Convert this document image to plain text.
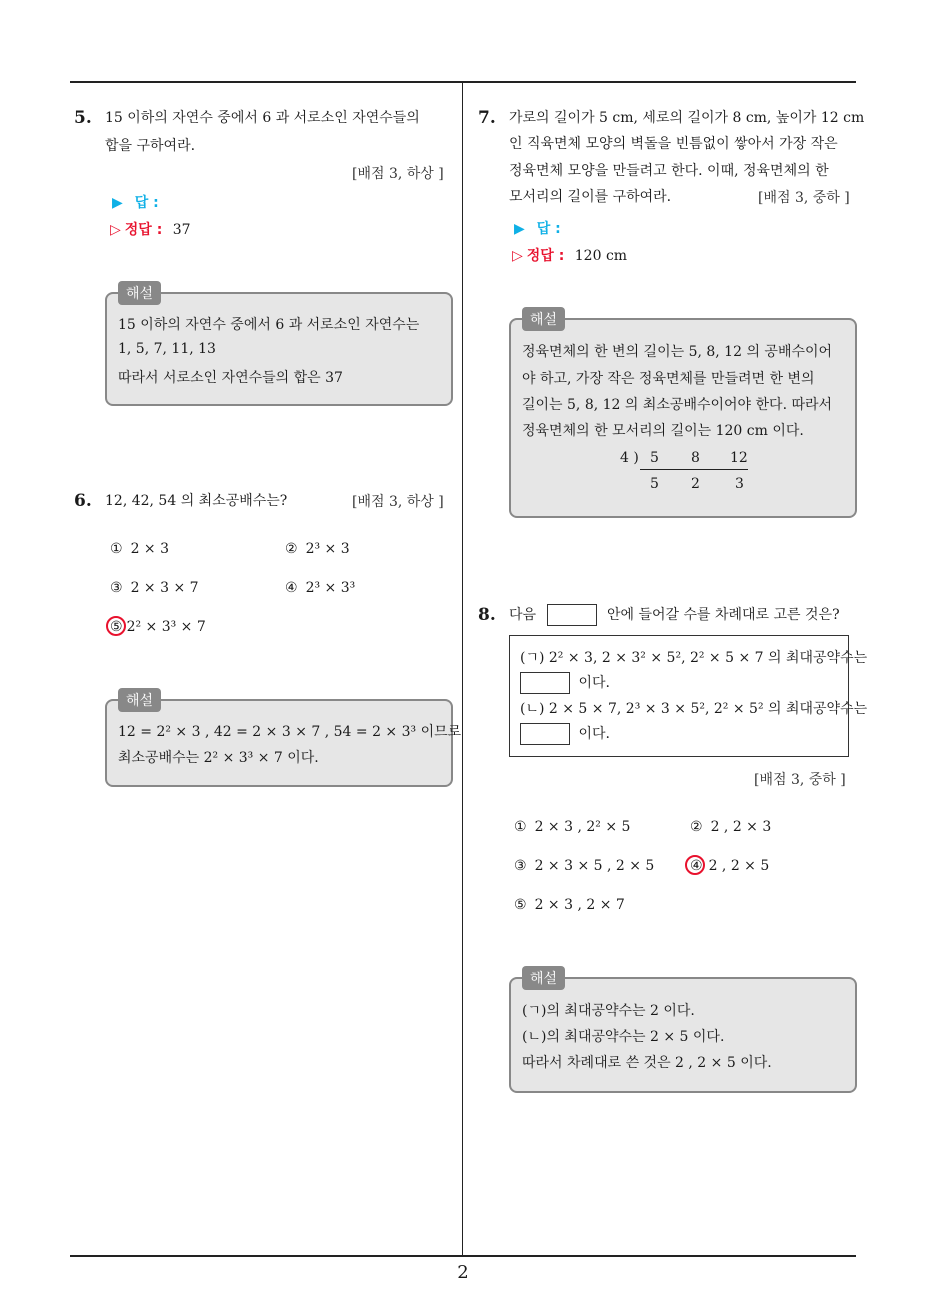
2
5. 15 이하의 자연수 중에서 6 과 서로소인 자연수들의
합을 구하여라.
[배점 3, 하상 ]
▶ 답 :
▷ 정답 : 37
해설
15 이하의 자연수 중에서 6 과 서로소인 자연수는
1, 5, 7, 11, 13
따라서 서로소인 자연수들의 합은 37
6. 12, 42, 54 의 최소공배수는?	[배점 3, 하상 ]
① 2 × 3	② 2³ × 3
③ 2 × 3 × 7	④ 2³ × 3³
⑤ 2² × 3³ × 7
해설
12 = 2² × 3 , 42 = 2 × 3 × 7 , 54 = 2 × 3³ 이므로
최소공배수는 2² × 3³ × 7 이다.
7. 가로의 길이가 5 cm, 세로의 길이가 8 cm, 높이가 12 cm
인 직육면체 모양의 벽돌을 빈틈없이 쌓아서 가장 작은
정육면체 모양을 만들려고 한다. 이때, 정육면체의 한
모서리의 길이를 구하여라.	[배점 3, 중하 ]
▶ 답 :
▷ 정답 : 120 cm
해설
정육면체의 한 변의 길이는 5, 8, 12 의 공배수이어
야 하고, 가장 작은 정육면체를 만들려면 한 변의
길이는 5, 8, 12 의 최소공배수이어야 한다. 따라서
정육면체의 한 모서리의 길이는 120 cm 이다.
4 ) 5 8 12
5 2	3
8. 다음	안에 들어갈 수를 차례대로 고른 것은?
(ㄱ) 2² × 3, 2 × 3² × 5², 2² × 5 × 7 의 최대공약수는
이다.
(ㄴ) 2 × 5 × 7, 2³ × 3 × 5², 2² × 5² 의 최대공약수는
이다.
[배점 3, 중하 ]
① 2 × 3 , 2² × 5	② 2 , 2 × 3
③ 2 × 3 × 5 , 2 × 5	④ 2 , 2 × 5
⑤ 2 × 3 , 2 × 7
해설
(ㄱ)의 최대공약수는 2 이다.
(ㄴ)의 최대공약수는 2 × 5 이다.
따라서 차례대로 쓴 것은 2 , 2 × 5 이다.
